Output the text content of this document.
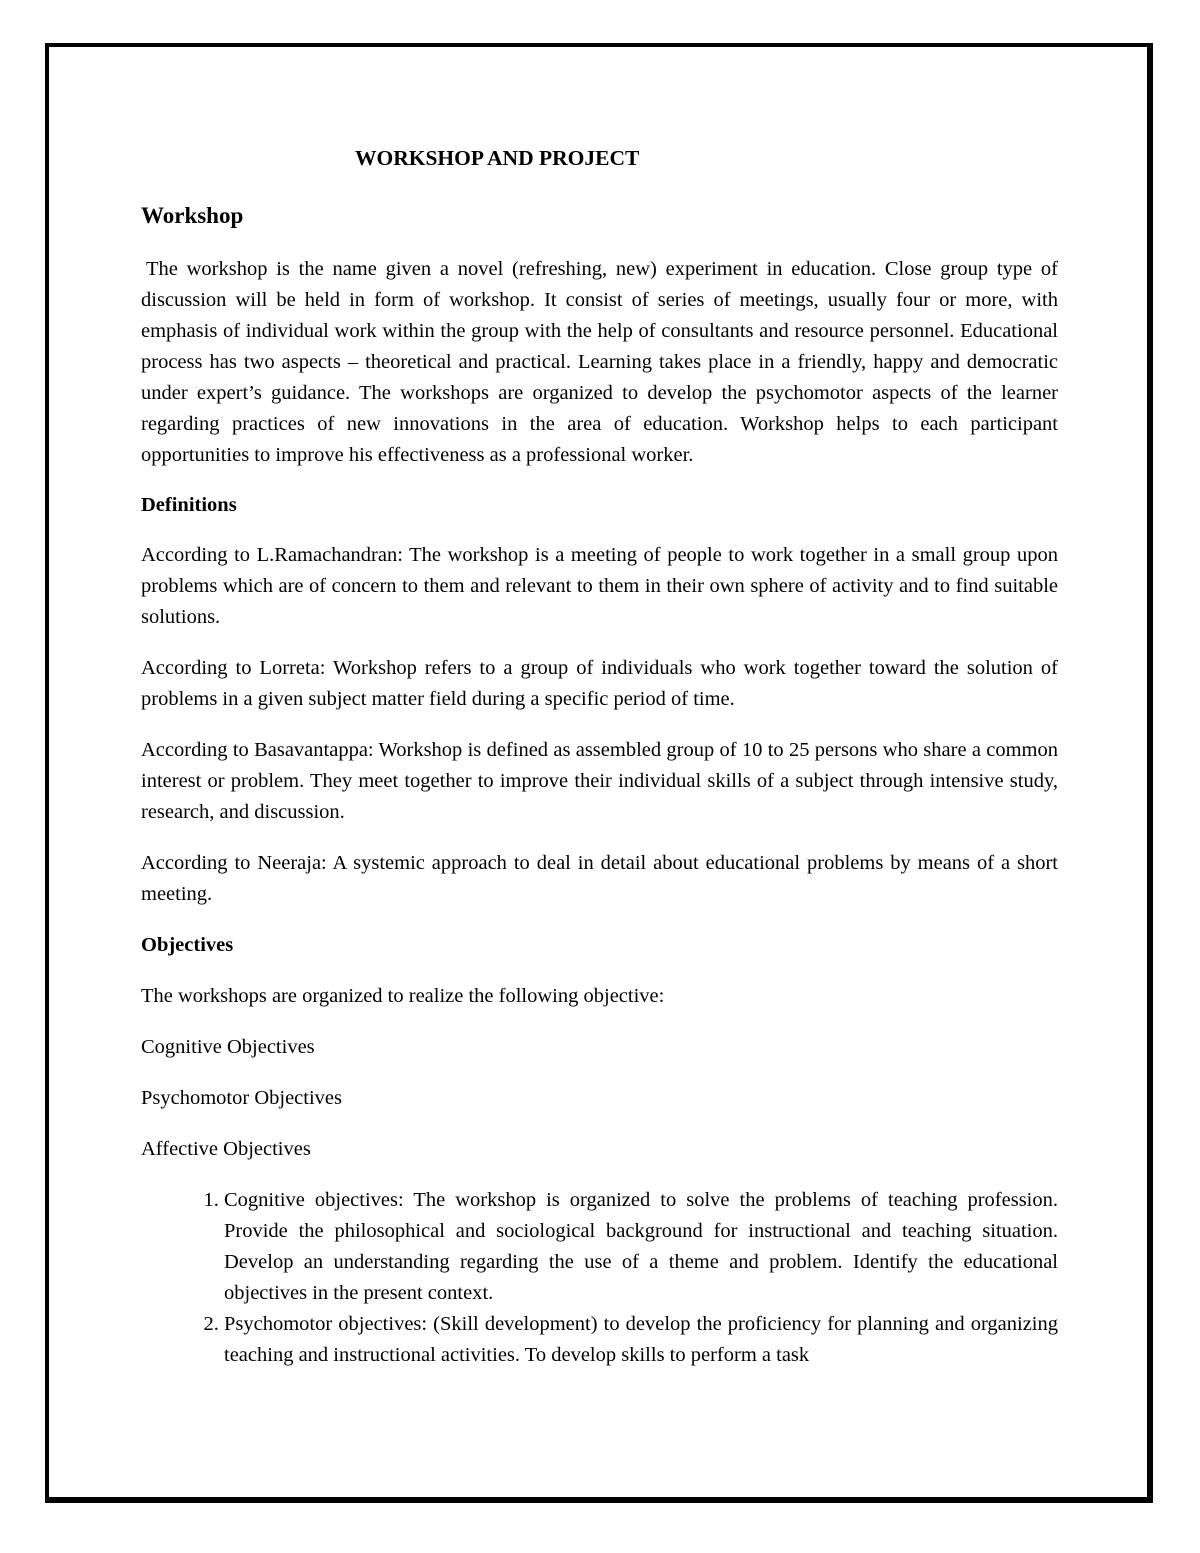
WORKSHOP AND PROJECT
Workshop

The workshop is the name given a novel (refreshing, new) experiment in education. Close group type of discussion will be held in form of workshop. It consist of series of meetings, usually four or more, with emphasis of individual work within the group with the help of consultants and resource personnel. Educational process has two aspects – theoretical and practical. Learning takes place in a friendly, happy and democratic under expert’s guidance. The workshops are organized to develop the psychomotor aspects of the learner regarding practices of new innovations in the area of education. Workshop helps to each participant opportunities to improve his effectiveness as a professional worker.

Definitions

According to L.Ramachandran: The workshop is a meeting of people to work together in a small group upon problems which are of concern to them and relevant to them in their own sphere of activity and to find suitable solutions.

According to Lorreta: Workshop refers to a group of individuals who work together toward the solution of problems in a given subject matter field during a specific period of time.

According to Basavantappa: Workshop is defined as assembled group of 10 to 25 persons who share a common interest or problem. They meet together to improve their individual skills of a subject through intensive study, research, and discussion.

According to Neeraja: A systemic approach to deal in detail about educational problems by means of a short meeting.

Objectives

The workshops are organized to realize the following objective:

Cognitive Objectives

Psychomotor Objectives

Affective Objectives

1. Cognitive objectives: The workshop is organized to solve the problems of teaching profession. Provide the philosophical and sociological background for instructional and teaching situation. Develop an understanding regarding the use of a theme and problem. Identify the educational objectives in the present context.
2. Psychomotor objectives: (Skill development) to develop the proficiency for planning and organizing teaching and instructional activities. To develop skills to perform a task
